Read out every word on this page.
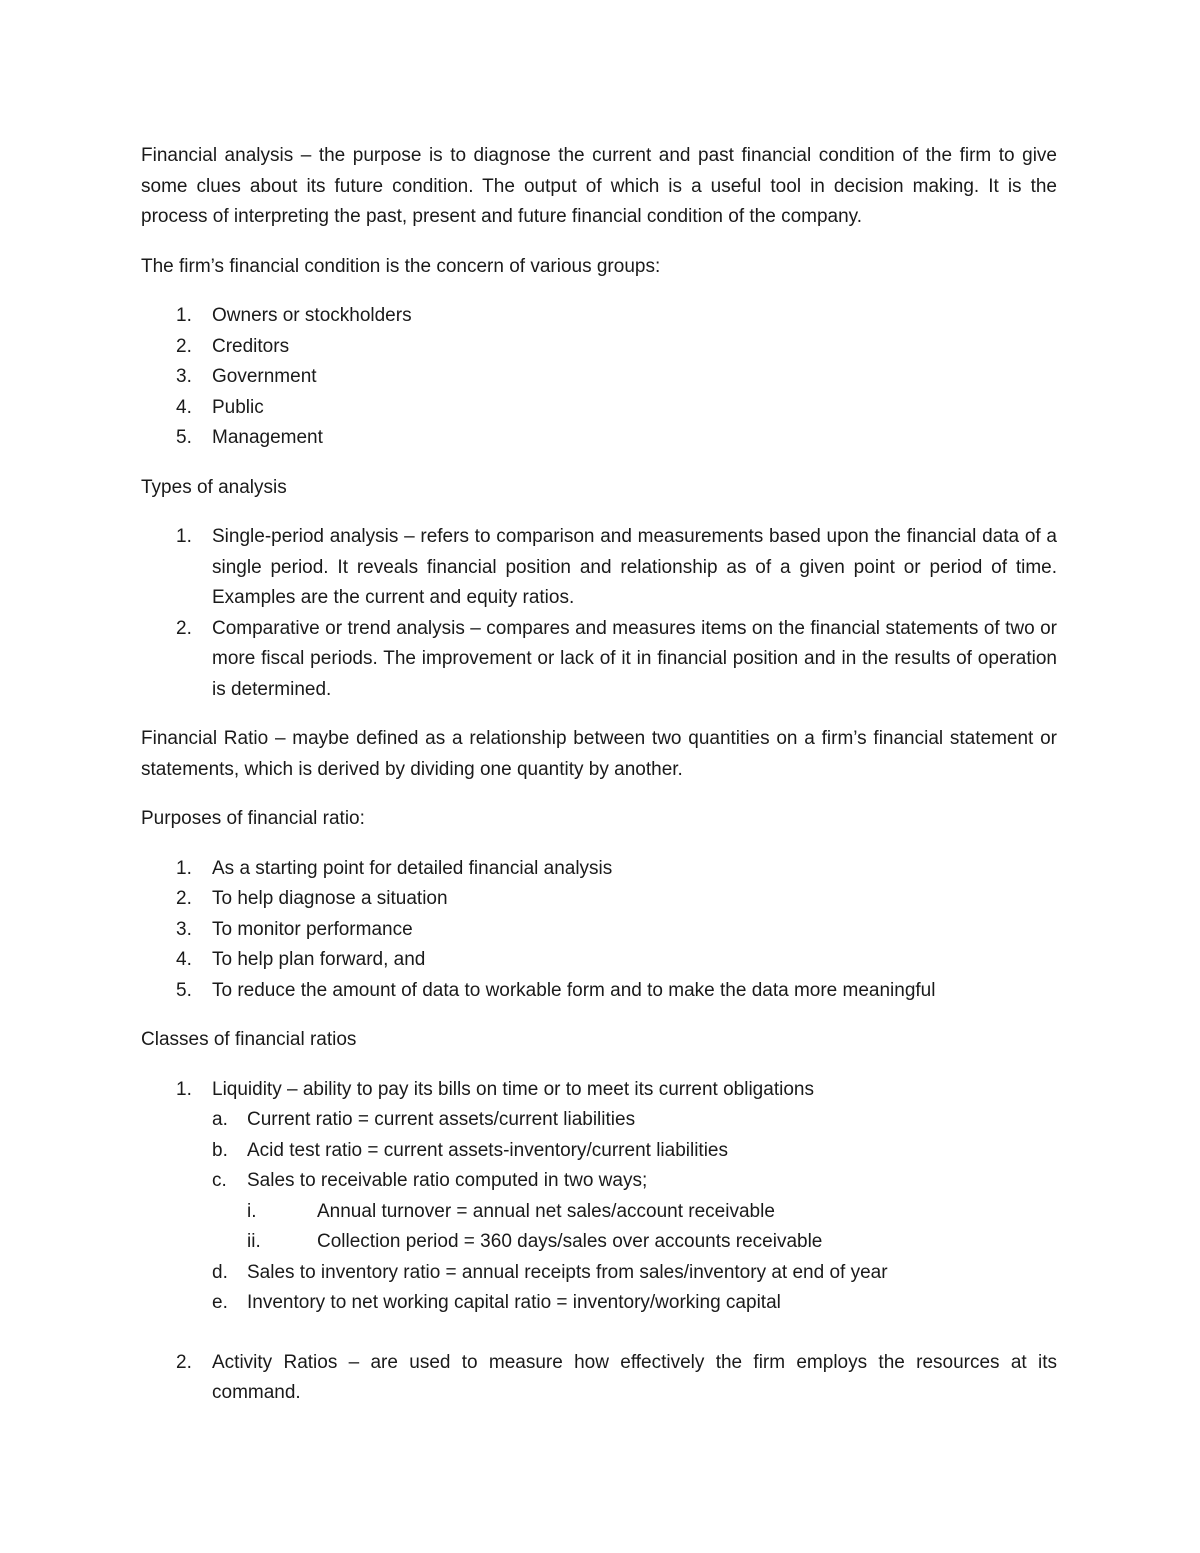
Financial analysis – the purpose is to diagnose the current and past financial condition of the firm to give some clues about its future condition. The output of which is a useful tool in decision making. It is the process of interpreting the past, present and future financial condition of the company.

The firm’s financial condition is the concern of various groups:

1. Owners or stockholders
2. Creditors
3. Government
4. Public
5. Management

Types of analysis

1. Single-period analysis – refers to comparison and measurements based upon the financial data of a single period. It reveals financial position and relationship as of a given point or period of time. Examples are the current and equity ratios.
2. Comparative or trend analysis – compares and measures items on the financial statements of two or more fiscal periods. The improvement or lack of it in financial position and in the results of operation is determined.

Financial Ratio – maybe defined as a relationship between two quantities on a firm’s financial statement or statements, which is derived by dividing one quantity by another.

Purposes of financial ratio:

1. As a starting point for detailed financial analysis
2. To help diagnose a situation
3. To monitor performance
4. To help plan forward, and
5. To reduce the amount of data to workable form and to make the data more meaningful

Classes of financial ratios

1. Liquidity – ability to pay its bills on time or to meet its current obligations
a. Current ratio = current assets/current liabilities
b. Acid test ratio = current assets-inventory/current liabilities
c. Sales to receivable ratio computed in two ways;
i.	Annual turnover = annual net sales/account receivable
ii.	Collection period = 360 days/sales over accounts receivable
d. Sales to inventory ratio = annual receipts from sales/inventory at end of year
e. Inventory to net working capital ratio = inventory/working capital
2. Activity Ratios – are used to measure how effectively the firm employs the resources at its command.
